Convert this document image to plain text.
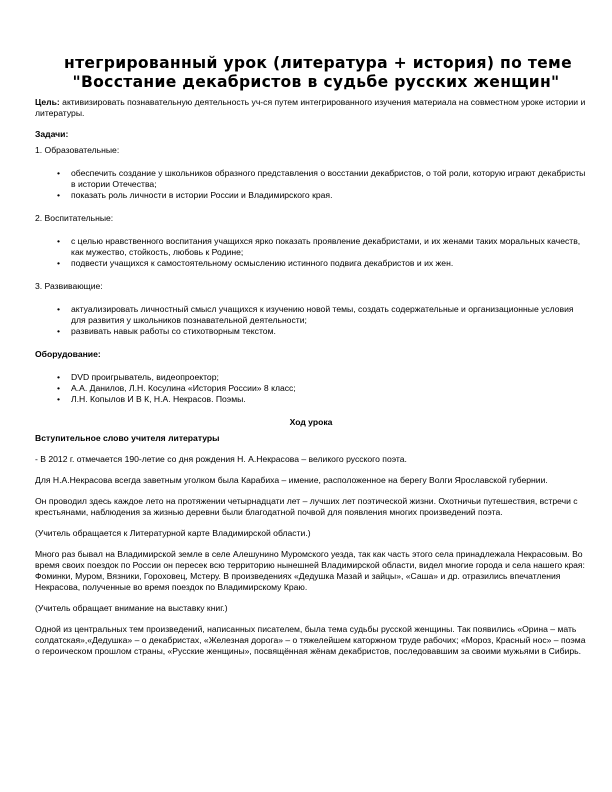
нтегрированный урок (литература + история) по теме
"Восстание декабристов в судьбе русских женщин"

Цель: активизировать познавательную деятельность уч-ся путем интегрированного изучения материала на совместном уроке истории и литературы.

Задачи:

1. Образовательные:

• обеспечить создание у школьников образного представления о восстании декабристов, о той роли, которую играют декабристы в истории Отечества;
• показать роль личности в истории России и Владимирского края.

2. Воспитательные:

• с целью нравственного воспитания учащихся ярко показать проявление декабристами, и их женами таких моральных качеств, как мужество, стойкость, любовь к Родине;
• подвести учащихся к самостоятельному осмыслению истинного подвига декабристов и их жен.

3. Развивающие:

• актуализировать личностный смысл учащихся к изучению новой темы, создать содержательные и организационные условия для развития у школьников познавательной деятельности;
• развивать навык работы со стихотворным текстом.

Оборудование:

• DVD проигрыватель, видеопроектор;
• А.А. Данилов, Л.Н. Косулина «История России» 8 класс;
• Л.Н. Копылов И В К, Н.А. Некрасов. Поэмы.

Ход урока

Вступительное слово учителя литературы

- В 2012 г. отмечается 190-летие со дня рождения Н. А.Некрасова – великого русского поэта.

Для Н.А.Некрасова всегда заветным уголком была Карабиха – имение, расположенное на берегу Волги Ярославской губернии.

Он проводил здесь каждое лето на протяжении четырнадцати лет – лучших лет поэтической жизни. Охотничьи путешествия, встречи с крестьянами, наблюдения за жизнью деревни были благодатной почвой для появления многих произведений поэта.

(Учитель обращается к Литературной карте Владимирской области.)

Много раз бывал на Владимирской земле в селе Алешунино Муромского уезда, так как часть этого села принадлежала Некрасовым. Во время своих поездок по России он пересек всю территорию нынешней Владимирской области, видел многие города и села нашего края: Фоминки, Муром, Вязники, Гороховец, Мстеру. В произведениях «Дедушка Мазай и зайцы», «Саша» и др. отразились впечатления Некрасова, полученные во время поездок по Владимирскому Краю.

(Учитель обращает внимание на выставку книг.)

Одной из центральных тем произведений, написанных писателем, была тема судьбы русской женщины. Так появились «Орина – мать солдатская»,«Дедушка» – о декабристах, «Железная дорога» – о тяжелейшем каторжном труде рабочих; «Мороз, Красный нос» – поэма о героическом прошлом страны, «Русские женщины», посвящённая жёнам декабристов, последовавшим за своими мужьями в Сибирь.
